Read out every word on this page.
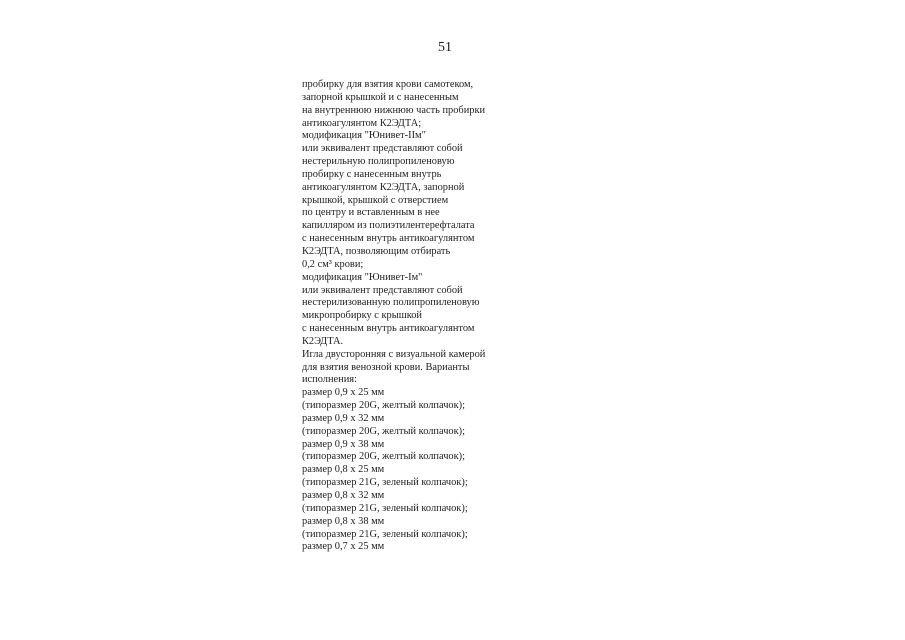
51
пробирку для взятия крови самотеком,
запорной крышкой и с нанесенным
на внутреннюю нижнюю часть пробирки
антикоагулянтом К2ЭДТА;
модификация "Юнивет-IIм"
или эквивалент представляют собой
нестерильную полипропиленовую
пробирку с нанесенным внутрь
антикоагулянтом К2ЭДТА, запорной
крышкой, крышкой с отверстием
по центру и вставленным в нее
капилляром из полиэтилентерефталата
с нанесенным внутрь антикоагулянтом
К2ЭДТА, позволяющим отбирать
0,2 см³ крови;
модификация "Юнивет-Iм"
или эквивалент представляют собой
нестерилизованную полипропиленовую
микропробирку с крышкой
с нанесенным внутрь антикоагулянтом
К2ЭДТА.
Игла двусторонняя с визуальной камерой
для взятия венозной крови. Варианты
исполнения:
размер 0,9 x 25 мм
(типоразмер 20G, желтый колпачок);
размер 0,9 x 32 мм
(типоразмер 20G, желтый колпачок);
размер 0,9 x 38 мм
(типоразмер 20G, желтый колпачок);
размер 0,8 x 25 мм
(типоразмер 21G, зеленый колпачок);
размер 0,8 x 32 мм
(типоразмер 21G, зеленый колпачок);
размер 0,8 x 38 мм
(типоразмер 21G, зеленый колпачок);
размер 0,7 x 25 мм
